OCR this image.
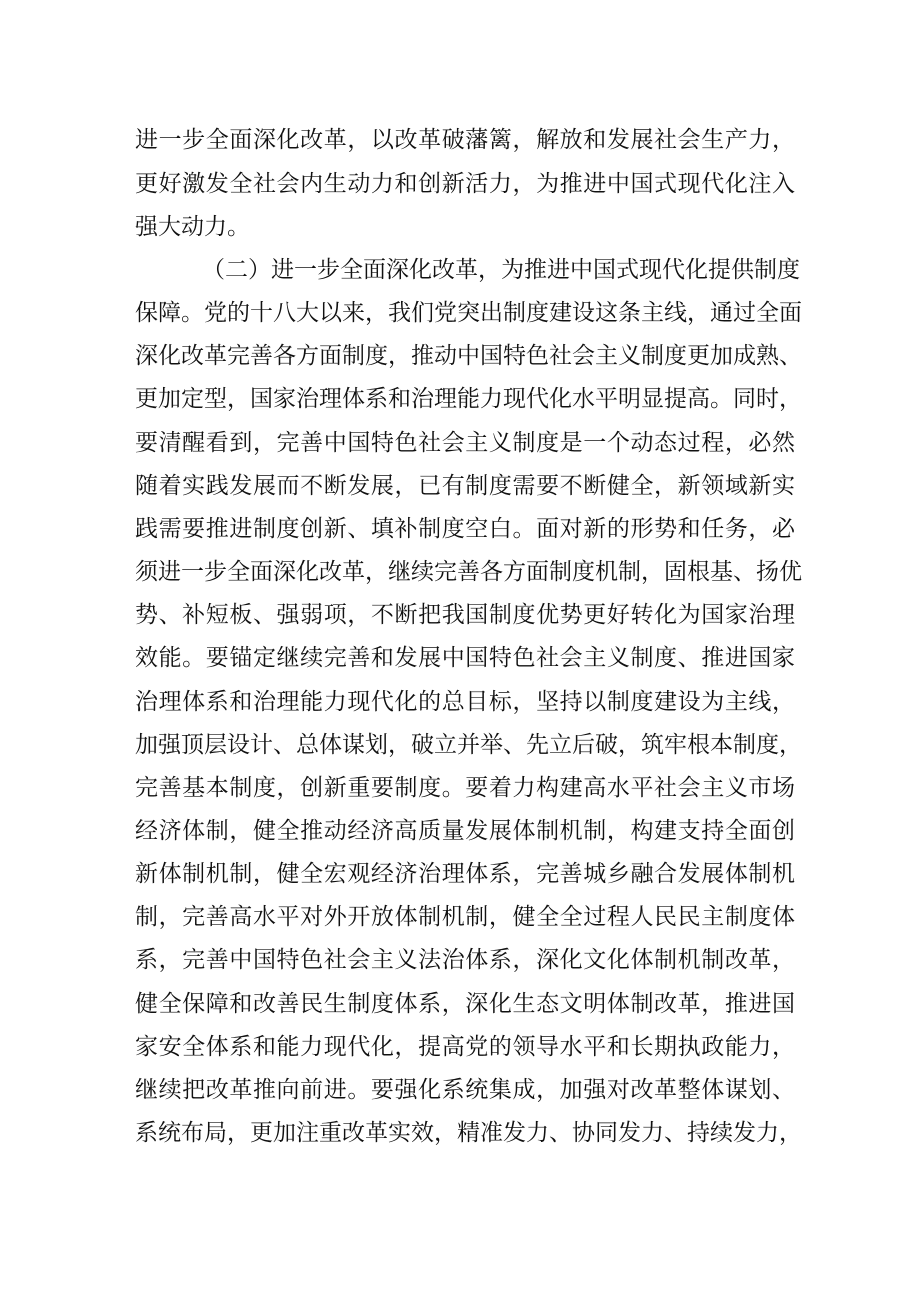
进一步全面深化改革，以改革破藩篱，解放和发展社会生产力，
更好激发全社会内生动力和创新活力，为推进中国式现代化注入
强大动力。
（二）进一步全面深化改革，为推进中国式现代化提供制度
保障。党的十八大以来，我们党突出制度建设这条主线，通过全面
深化改革完善各方面制度，推动中国特色社会主义制度更加成熟、
更加定型，国家治理体系和治理能力现代化水平明显提高。同时，
要清醒看到，完善中国特色社会主义制度是一个动态过程，必然
随着实践发展而不断发展，已有制度需要不断健全，新领域新实
践需要推进制度创新、填补制度空白。面对新的形势和任务，必
须进一步全面深化改革，继续完善各方面制度机制，固根基、扬优
势、补短板、强弱项，不断把我国制度优势更好转化为国家治理
效能。要锚定继续完善和发展中国特色社会主义制度、推进国家
治理体系和治理能力现代化的总目标，坚持以制度建设为主线，
加强顶层设计、总体谋划，破立并举、先立后破，筑牢根本制度，
完善基本制度，创新重要制度。要着力构建高水平社会主义市场
经济体制，健全推动经济高质量发展体制机制，构建支持全面创
新体制机制，健全宏观经济治理体系，完善城乡融合发展体制机
制，完善高水平对外开放体制机制，健全全过程人民民主制度体
系，完善中国特色社会主义法治体系，深化文化体制机制改革，
健全保障和改善民生制度体系，深化生态文明体制改革，推进国
家安全体系和能力现代化，提高党的领导水平和长期执政能力，
继续把改革推向前进。要强化系统集成，加强对改革整体谋划、
系统布局，更加注重改革实效，精准发力、协同发力、持续发力，
